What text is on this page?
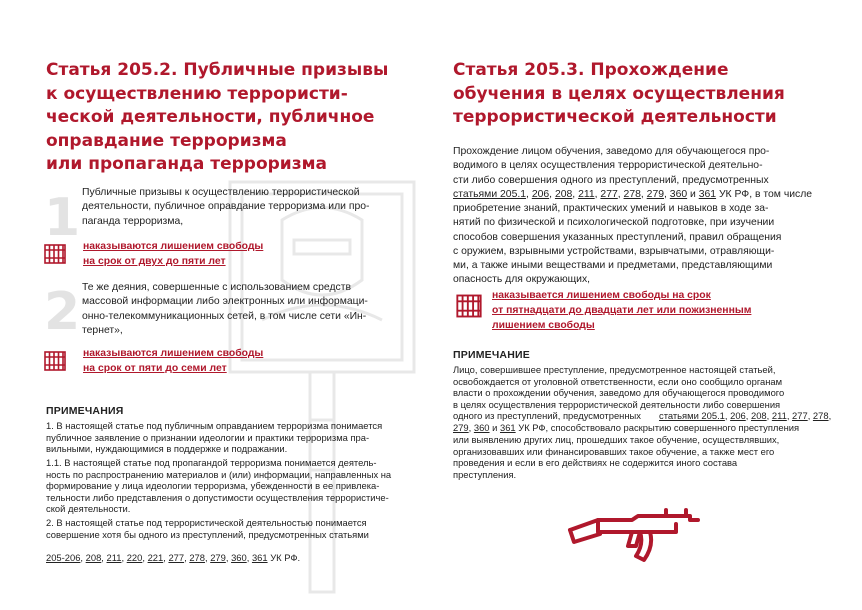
Статья 205.2. Публичные призывы
к осуществлению террористи-
ческой деятельности, публичное
оправдание терроризма
или пропаганда терроризма
1 Публичные призывы к осуществлению террористической
деятельности, публичное оправдание терроризма или про-
паганда терроризма,

наказываются лишением свободы
на срок от двух до пяти лет

2 Те же деяния, совершенные с использованием средств
массовой информации либо электронных или информаци-
онно-телекоммуникационных сетей, в том числе сети «Ин-
тернет»,

наказываются лишением свободы
на срок от пяти до семи лет

ПРИМЕЧАНИЯ

1. В настоящей статье под публичным оправданием терроризма понимается
публичное заявление о признании идеологии и практики терроризма пра-
вильными, нуждающимися в поддержке и подражании.

1.1. В настоящей статье под пропагандой терроризма понимается деятель-
ность по распространению материалов и (или) информации, направленных на
формирование у лица идеологии терроризма, убежденности в ее привлека-
тельности либо представления о допустимости осуществления террористиче-
ской деятельности.

2. В настоящей статье под террористической деятельностью понимается
совершение хотя бы одного из преступлений, предусмотренных статьями

205-206, 208, 211, 220, 221, 277, 278, 279, 360, 361 УК РФ.

Статья 205.3. Прохождение
обучения в целях осуществления
террористической деятельности

Прохождение лицом обучения, заведомо для обучающегося про-
водимого в целях осуществления террористической деятельно-
сти либо совершения одного из преступлений, предусмотренных

статьями 205.1, 206, 208, 211, 277, 278, 279, 360 и 361 УК РФ, в том числе

приобретение знаний, практических умений и навыков в ходе за-
нятий по физической и психологической подготовке, при изучении
способов совершения указанных преступлений, правил обращения
с оружием, взрывными устройствами, взрывчатыми, отравляющи-
ми, а также иными веществами и предметами, представляющими
опасность для окружающих,

наказывается лишением свободы на срок
от пятнадцати до двадцати лет или пожизненным
лишением свободы

ПРИМЕЧАНИЕ

Лицо, совершившее преступление, предусмотренное настоящей статьей,
освобождается от уголовной ответственности, если оно сообщило органам
власти о прохождении обучения, заведомо для обучающегося проводимого
в целях осуществления террористической деятельности либо совершения
одного из преступлений, предусмотренных	статьями 205.1, 206, 208, 211, 277, 278,

279, 360 и 361 УК РФ, способствовало раскрытию совершенного преступления

или выявлению других лиц, прошедших такое обучение, осуществлявших,
организовавших или финансировавших такое обучение, а также мест его
проведения и если в его действиях не содержится иного состава
преступления.
